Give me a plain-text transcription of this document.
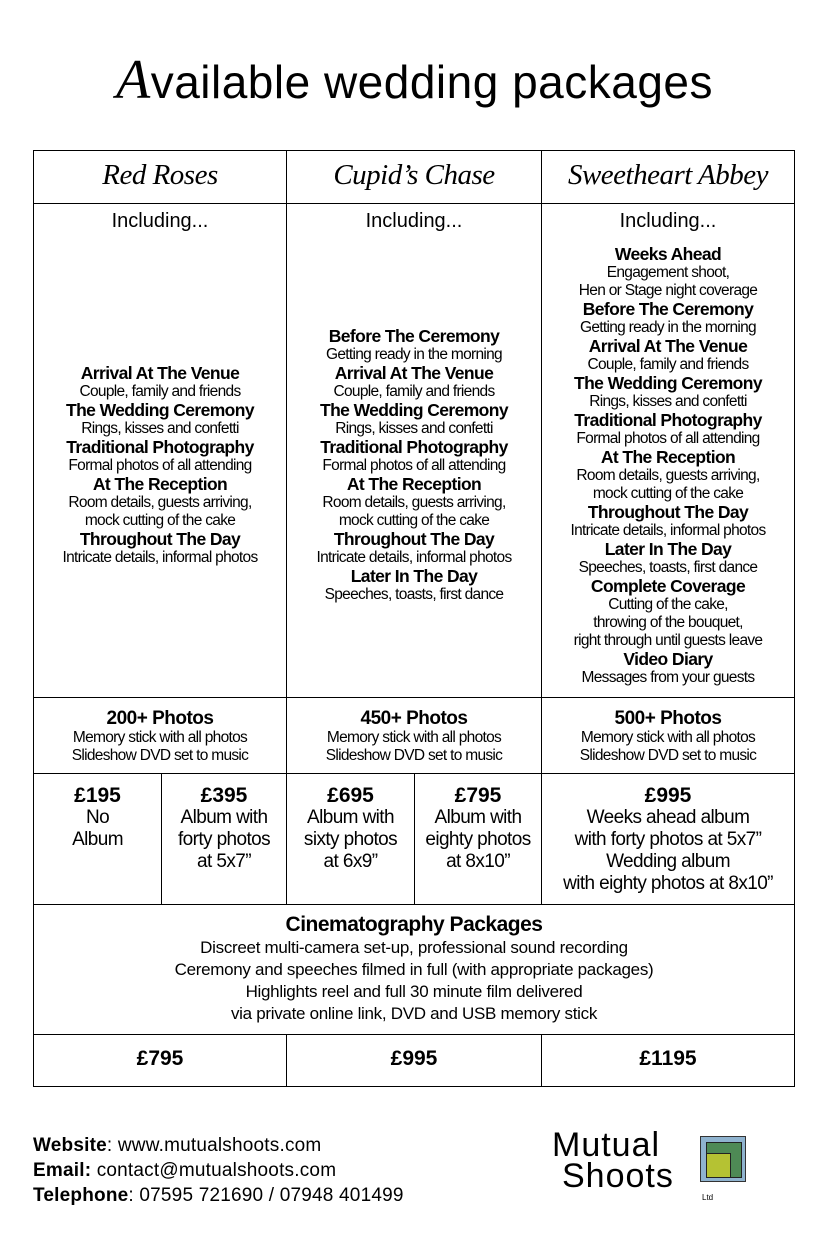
Available wedding packages
Cinematography Packages
Discreet multi-camera set-up, professional sound recording
Ceremony and speeches filmed in full (with appropriate packages)
Highlights reel and full 30 minute film delivered
via private online link, DVD and USB memory stick
Red Roses
Including...
Arrival At The Venue
Couple, family and friends
The Wedding Ceremony
Rings, kisses and confetti
Traditional Photography
Formal photos of all attending
At The Reception
Room details, guests arriving,
mock cutting of the cake
Throughout The Day
Intricate details, informal photos
200+ Photos
Memory stick with all photos
Slideshow DVD set to music
£795
Cupid’s Chase
Including...
Before The Ceremony
Getting ready in the morning
Arrival At The Venue
Couple, family and friends
The Wedding Ceremony
Rings, kisses and confetti
Traditional Photography
Formal photos of all attending
At The Reception
Room details, guests arriving,
mock cutting of the cake
Throughout The Day
Intricate details, informal photos
Later In The Day
Speeches, toasts, first dance
450+ Photos
Memory stick with all photos
Slideshow DVD set to music
£995
Sweetheart Abbey
Including...
Weeks Ahead
Engagement shoot,
Hen or Stage night coverage
Before The Ceremony
Getting ready in the morning
Arrival At The Venue
Couple, family and friends
The Wedding Ceremony
Rings, kisses and confetti
Traditional Photography
Formal photos of all attending
At The Reception
Room details, guests arriving,
mock cutting of the cake
Throughout The Day
Intricate details, informal photos
Later In The Day
Speeches, toasts, first dance
Complete Coverage
Cutting of the cake,
throwing of the bouquet,
right through until guests leave
Video Diary
Messages from your guests
500+ Photos
Memory stick with all photos
Slideshow DVD set to music
£1195
£195
No
Album
£395
Album with
forty photos
at 5x7”
£695
Album with
sixty photos
at 6x9”
£795
Album with
eighty photos
at 8x10”
£995
Weeks ahead album
with forty photos at 5x7”
Wedding album
with eighty photos at 8x10”
Website: www.mutualshoots.com
Email: contact@mutualshoots.com
Telephone: 07595 721690 / 07948 401499
Mutual
Shoots
Ltd
